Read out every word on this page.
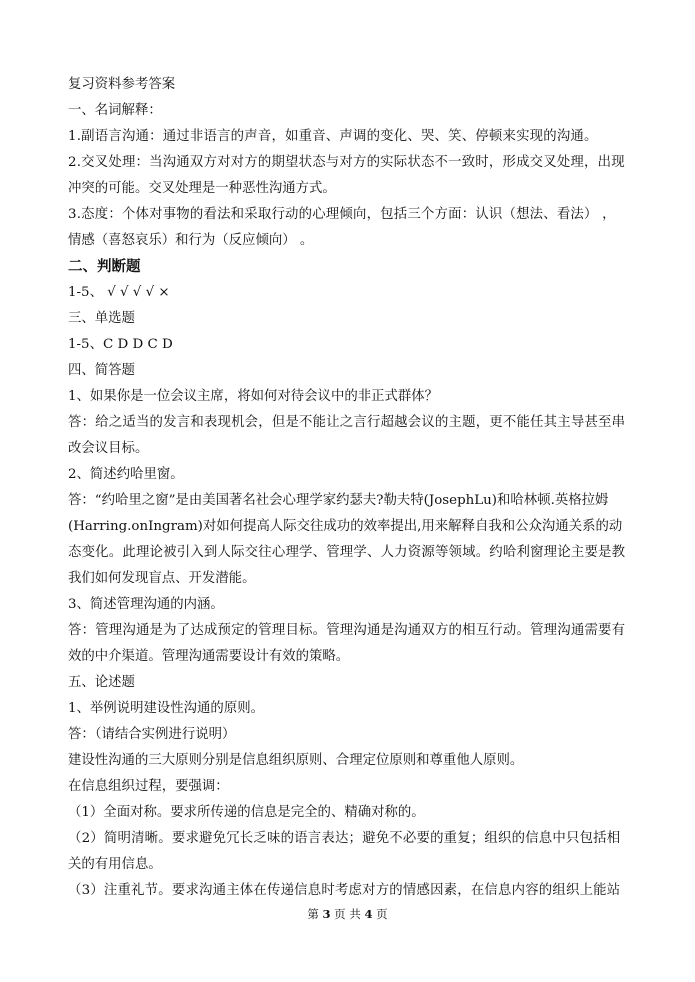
复习资料参考答案
一、名词解释：
1.副语言沟通：通过非语言的声音，如重音、声调的变化、哭、笑、停顿来实现的沟通。
2.交叉处理：当沟通双方对对方的期望状态与对方的实际状态不一致时，形成交叉处理，出现
冲突的可能。交叉处理是一种恶性沟通方式。
3.态度：个体对事物的看法和采取行动的心理倾向，包括三个方面：认识（想法、看法） ，
情感（喜怒哀乐）和行为（反应倾向） 。
二、判断题
1-5、 √ √ √ √ ×
三、单选题
1-5、C D D C D
四、简答题
1、如果你是一位会议主席，将如何对待会议中的非正式群体？
答：给之适当的发言和表现机会，但是不能让之言行超越会议的主题，更不能任其主导甚至串
改会议目标。
2、简述约哈里窗。
答：“约哈里之窗”是由美国著名社会心理学家约瑟夫?勒夫特(JosephLu)和哈林顿.英格拉姆
(Harring.onIngram)对如何提高人际交往成功的效率提出,用来解释自我和公众沟通关系的动
态变化。此理论被引入到人际交往心理学、管理学、人力资源等领域。约哈利窗理论主要是教
我们如何发现盲点、开发潜能。
3、简述管理沟通的内涵。
答：管理沟通是为了达成预定的管理目标。管理沟通是沟通双方的相互行动。管理沟通需要有
效的中介渠道。管理沟通需要设计有效的策略。
五、论述题
1、举例说明建设性沟通的原则。
答：（请结合实例进行说明）
建设性沟通的三大原则分别是信息组织原则、合理定位原则和尊重他人原则。
在信息组织过程，要强调：
（1）全面对称。要求所传递的信息是完全的、精确对称的。
（2）简明清晰。要求避免冗长乏味的语言表达；避免不必要的重复；组织的信息中只包括相
关的有用信息。
（3）注重礼节。要求沟通主体在传递信息时考虑对方的情感因素，在信息内容的组织上能站
第 3 页 共 4 页
